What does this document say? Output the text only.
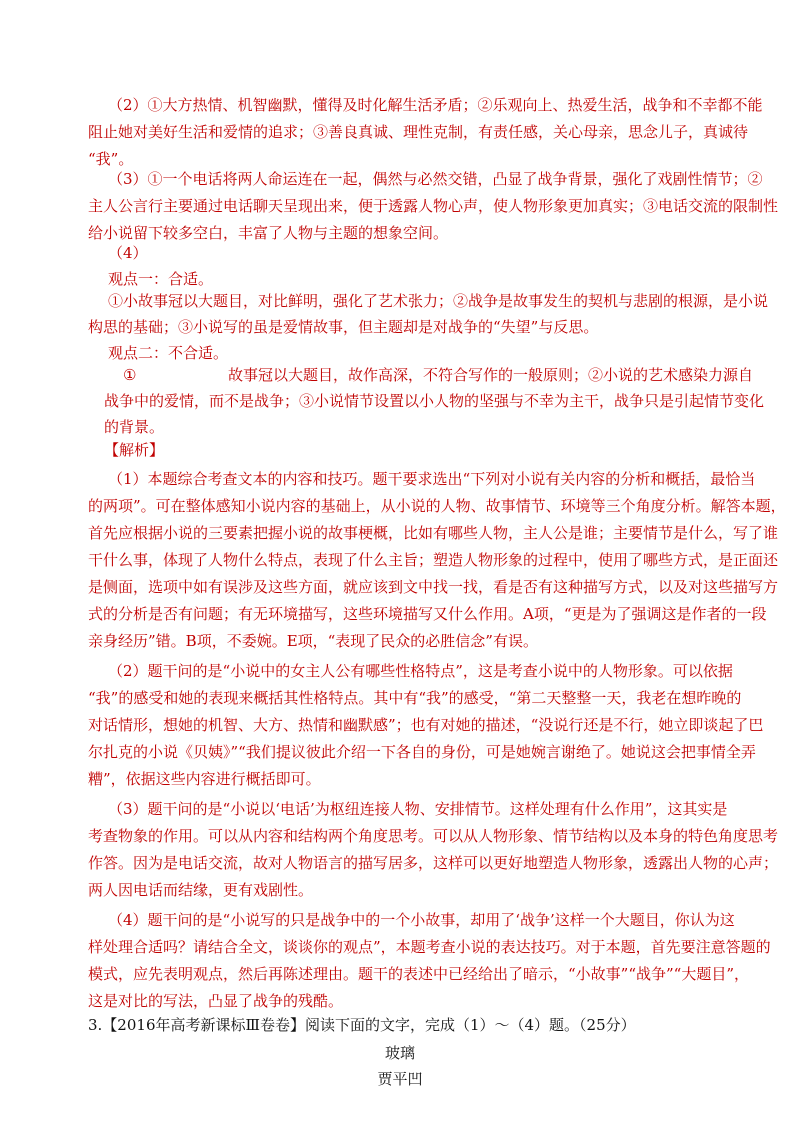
（2）①大方热情、机智幽默，懂得及时化解生活矛盾；②乐观向上、热爱生活，战争和不幸都不能

阻止她对美好生活和爱情的追求；③善良真诚、理性克制，有责任感，关心母亲，思念儿子，真诚待

“我”。

（3）①一个电话将两人命运连在一起，偶然与必然交错，凸显了战争背景，强化了戏剧性情节；②

主人公言行主要通过电话聊天呈现出来，便于透露人物心声，使人物形象更加真实；③电话交流的限制性

给小说留下较多空白，丰富了人物与主题的想象空间。

（4）

观点一：合适。

①小故事冠以大题目，对比鲜明，强化了艺术张力；②战争是故事发生的契机与悲剧的根源，是小说

构思的基础；③小说写的虽是爱情故事，但主题却是对战争的“失望”与反思。

观点二：不合适。

①	故事冠以大题目，故作高深，不符合写作的一般原则；②小说的艺术感染力源自

战争中的爱情，而不是战争；③小说情节设置以小人物的坚强与不幸为主干，战争只是引起情节变化

的背景。

【解析】

（1）本题综合考查文本的内容和技巧。题干要求选出“下列对小说有关内容的分析和概括，最恰当

的两项”。可在整体感知小说内容的基础上，从小说的人物、故事情节、环境等三个角度分析。解答本题，

首先应根据小说的三要素把握小说的故事梗概，比如有哪些人物，主人公是谁；主要情节是什么，写了谁

干什么事，体现了人物什么特点，表现了什么主旨；塑造人物形象的过程中，使用了哪些方式，是正面还

是侧面，选项中如有误涉及这些方面，就应该到文中找一找，看是否有这种描写方式，以及对这些描写方

式的分析是否有问题；有无环境描写，这些环境描写又什么作用。A项，“更是为了强调这是作者的一段

亲身经历”错。B项，不委婉。E项，“表现了民众的必胜信念”有误。

（2）题干问的是“小说中的女主人公有哪些性格特点”，这是考查小说中的人物形象。可以依据

“我”的感受和她的表现来概括其性格特点。其中有“我”的感受，“第二天整整一天，我老在想昨晚的

对话情形，想她的机智、大方、热情和幽默感”；也有对她的描述，“没说行还是不行，她立即谈起了巴

尔扎克的小说《贝姨》”“我们提议彼此介绍一下各自的身份，可是她婉言谢绝了。她说这会把事情全弄

糟”，依据这些内容进行概括即可。

（3）题干问的是“小说以‘电话’为枢纽连接人物、安排情节。这样处理有什么作用”，这其实是

考查物象的作用。可以从内容和结构两个角度思考。可以从人物形象、情节结构以及本身的特色角度思考

作答。因为是电话交流，故对人物语言的描写居多，这样可以更好地塑造人物形象，透露出人物的心声；

两人因电话而结缘，更有戏剧性。

（4）题干问的是“小说写的只是战争中的一个小故事，却用了‘战争’这样一个大题目，你认为这

样处理合适吗？请结合全文，谈谈你的观点”，本题考查小说的表达技巧。对于本题，首先要注意答题的

模式，应先表明观点，然后再陈述理由。题干的表述中已经给出了暗示，“小故事”“战争”“大题目”，

这是对比的写法，凸显了战争的残酷。

3.【2016年高考新课标Ⅲ卷卷】阅读下面的文字，完成（1）～（4）题。（25分）

玻璃

贾平凹
